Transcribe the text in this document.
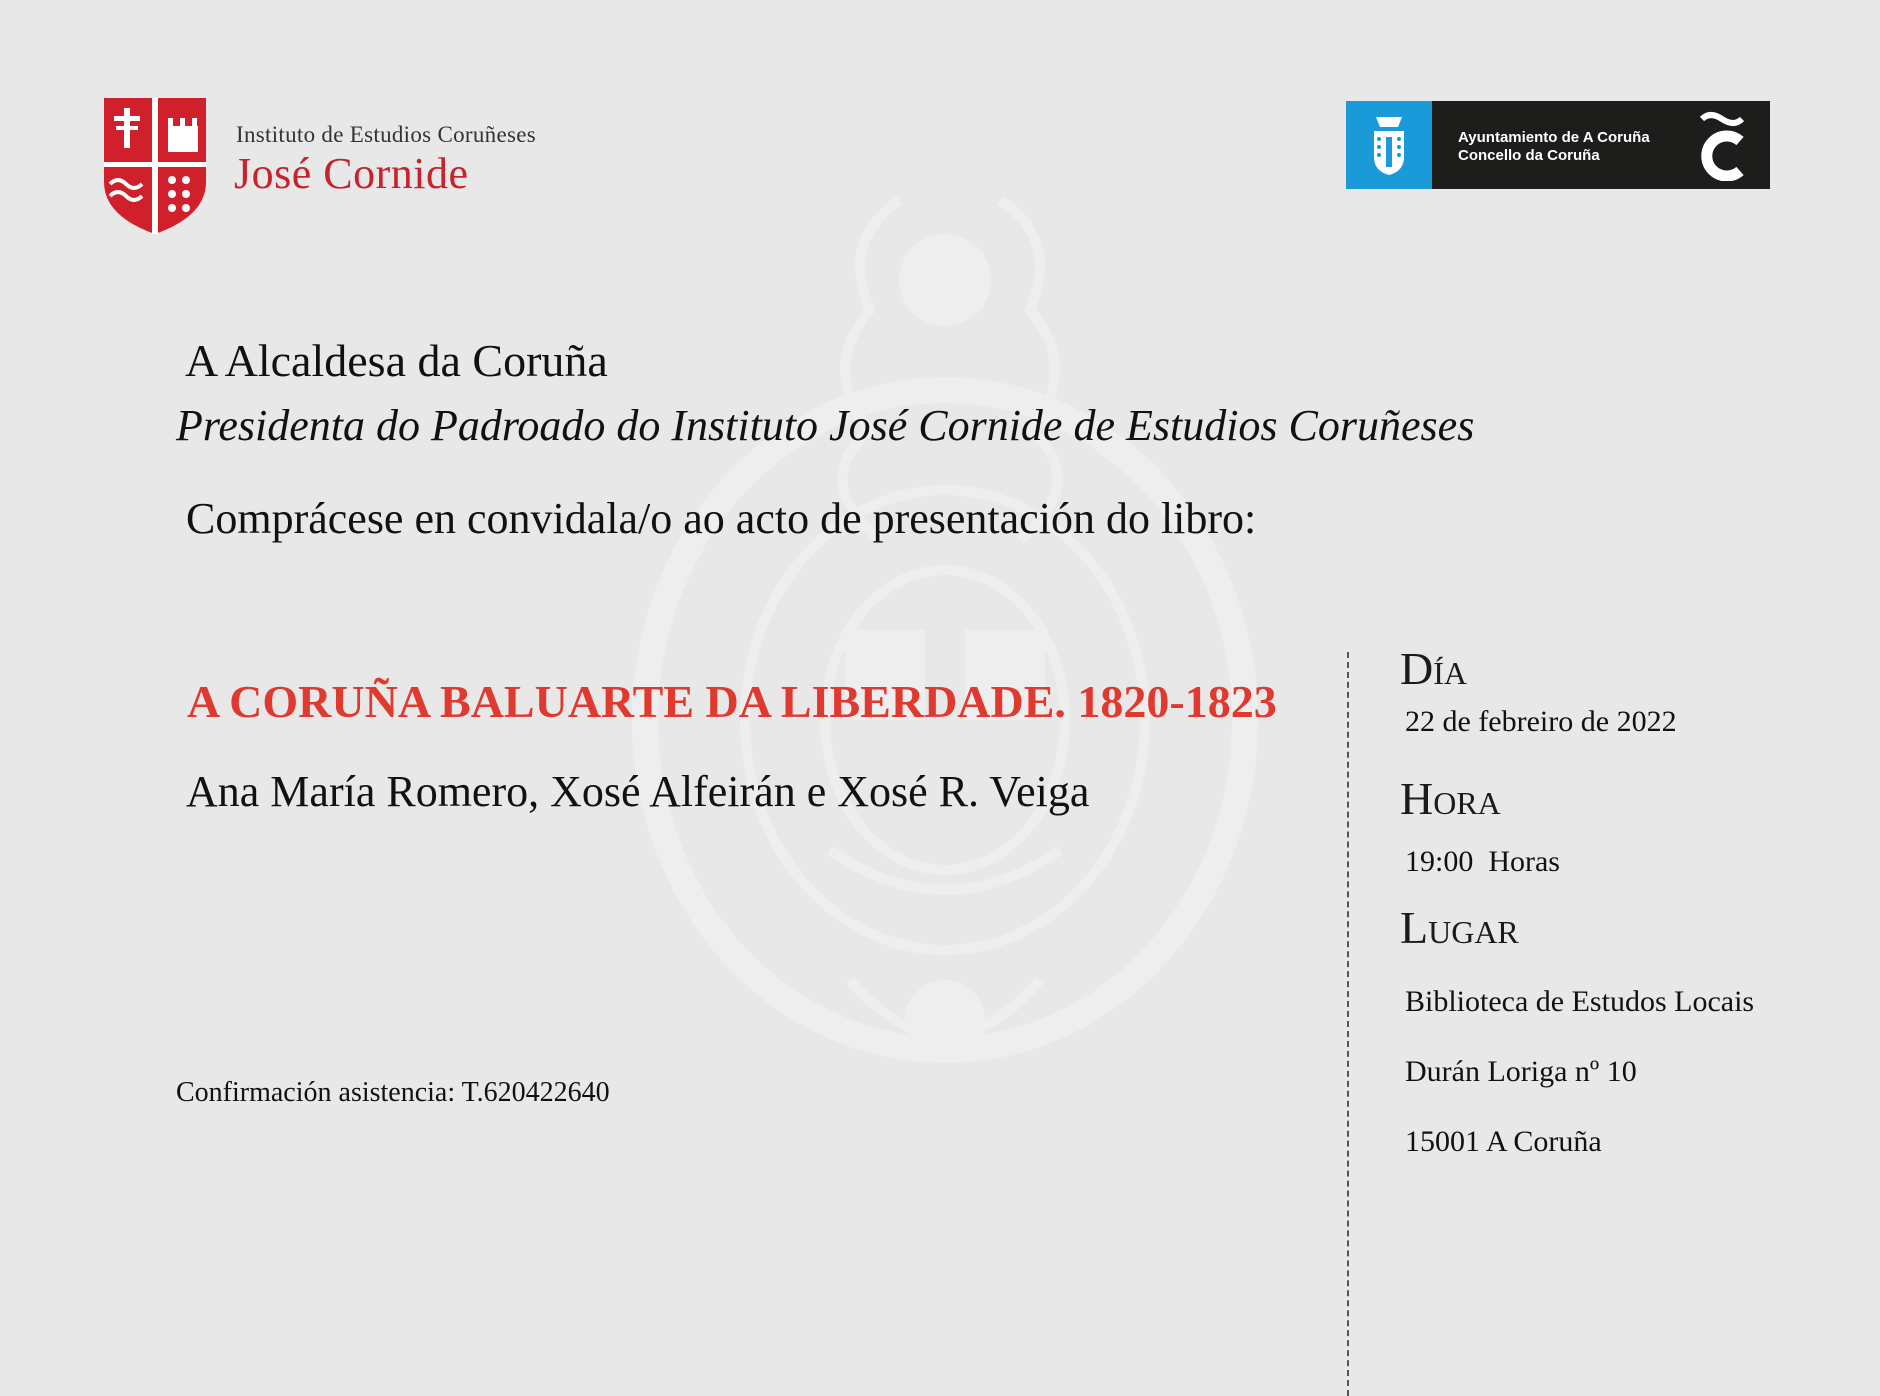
Instituto de Estudios Coruñeses
José Cornide
Ayuntamiento de A Coruña
Concello da Coruña
A Alcaldesa da Coruña
Presidenta do Padroado do Instituto José Cornide de Estudios Coruñeses
Comprácese en convidala/o ao acto de presentación do libro:
A CORUÑA BALUARTE DA LIBERDADE. 1820-1823
Ana María Romero, Xosé Alfeirán e Xosé R. Veiga
Confirmación asistencia: T.620422640
Día
22 de febreiro de 2022
Hora
19:00  Horas
Lugar
Biblioteca de Estudos Locais
Durán Loriga nº 10
15001 A Coruña
